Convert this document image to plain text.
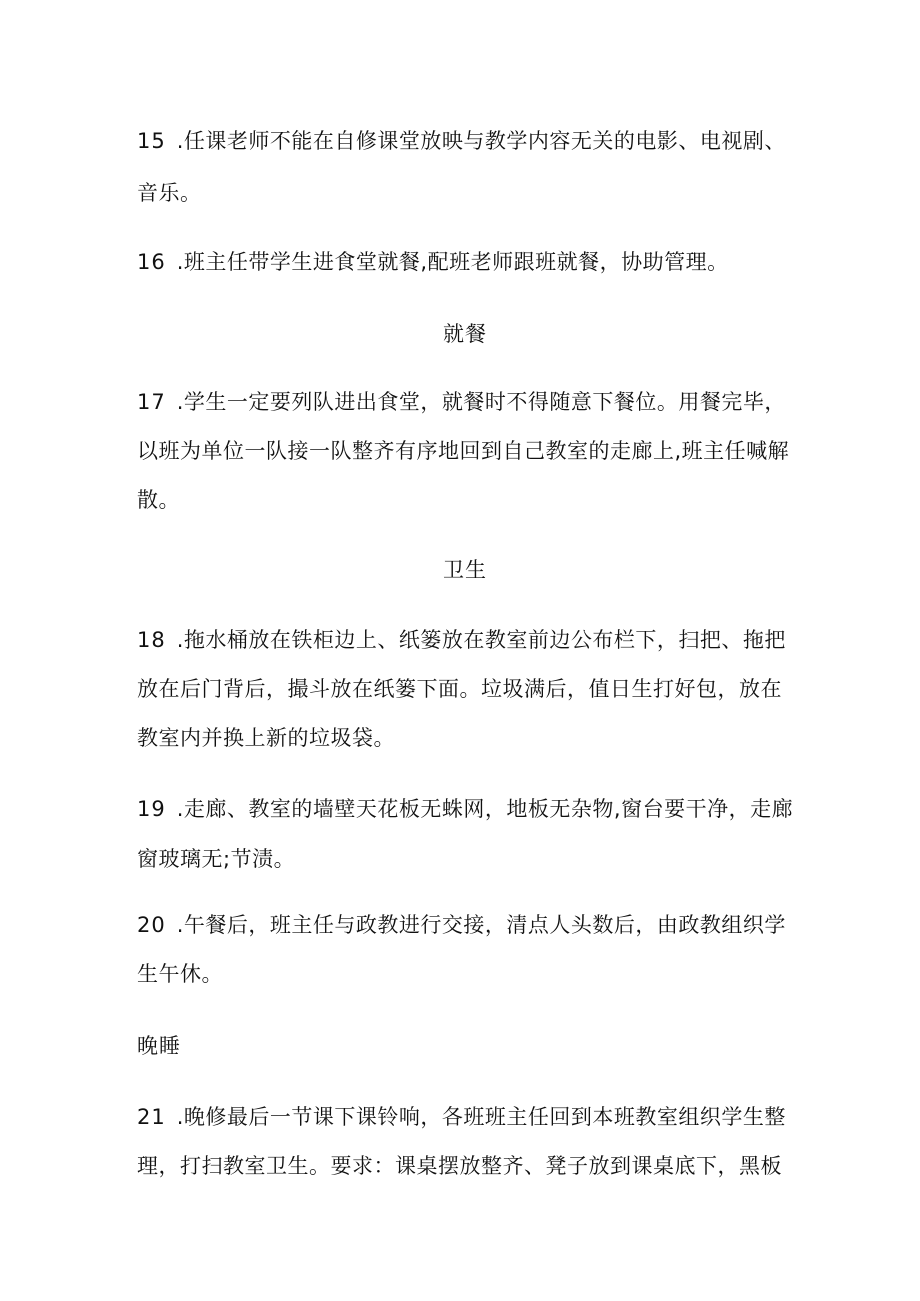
15  .任课老师不能在自修课堂放映与教学内容无关的电影、电视剧、
音乐。
16  .班主任带学生进食堂就餐,配班老师跟班就餐，协助管理。
就餐
17  .学生一定要列队进出食堂，就餐时不得随意下餐位。用餐完毕，
以班为单位一队接一队整齐有序地回到自己教室的走廊上,班主任喊解
散。
卫生
18  .拖水桶放在铁柜边上、纸篓放在教室前边公布栏下，扫把、拖把
放在后门背后，撮斗放在纸篓下面。垃圾满后，值日生打好包，放在
教室内并换上新的垃圾袋。
19  .走廊、教室的墙壁天花板无蛛网，地板无杂物,窗台要干净，走廊
窗玻璃无;节渍。
20  .午餐后，班主任与政教进行交接，清点人头数后，由政教组织学
生午休。
晚睡
21  .晚修最后一节课下课铃响，各班班主任回到本班教室组织学生整
理，打扫教室卫生。要求：课桌摆放整齐、凳子放到课桌底下，黑板
